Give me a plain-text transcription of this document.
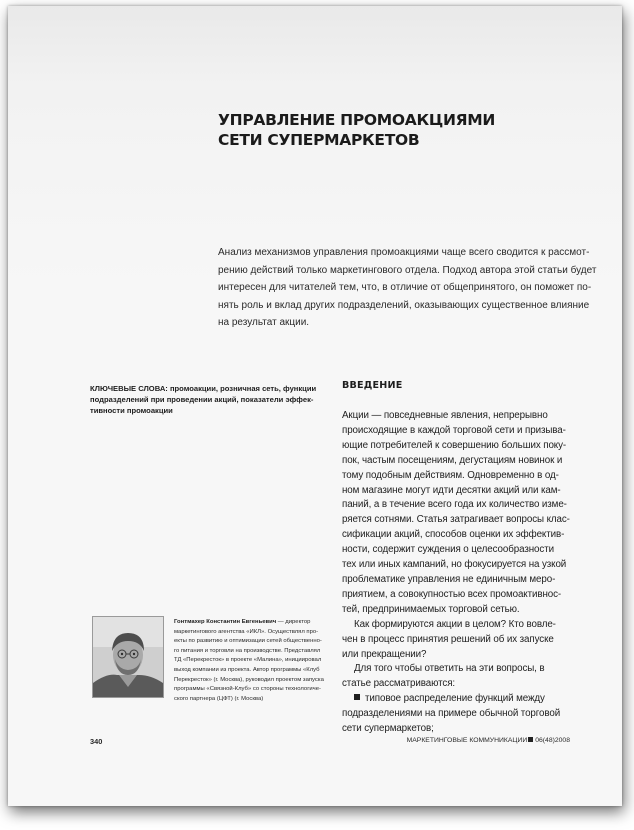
УПРАВЛЕНИЕ ПРОМОАКЦИЯМИ
СЕТИ СУПЕРМАРКЕТОВ
Анализ механизмов управления промоакциями чаще всего сводится к рассмот-
рению действий только маркетингового отдела. Подход автора этой статьи будет
интересен для читателей тем, что, в отличие от общепринятого, он поможет по-
нять роль и вклад других подразделений, оказывающих существенное влияние
на результат акции.
КЛЮЧЕВЫЕ СЛОВА: промоакции, розничная сеть, функции
подразделений при проведении акций, показатели эффек-
тивности промоакции
ВВЕДЕНИЕ
Акции — повседневные явления, непрерывно
происходящие в каждой торговой сети и призыва-
ющие потребителей к совершению больших поку-
пок, частым посещениям, дегустациям новинок и
тому подобным действиям. Одновременно в од-
ном магазине могут идти десятки акций или кам-
паний, а в течение всего года их количество изме-
ряется сотнями. Статья затрагивает вопросы клас-
сификации акций, способов оценки их эффектив-
ности, содержит суждения о целесообразности
тех или иных кампаний, но фокусируется на узкой
проблематике управления не единичным меро-
приятием, а совокупностью всех промоактивнос-
тей, предпринимаемых торговой сетью.
Как формируются акции в целом? Кто вовле-
чен в процесс принятия решений об их запуске
или прекращении?
Для того чтобы ответить на эти вопросы, в
статье рассматриваются:
типовое распределение функций между
подразделениями на примере обычной торговой
сети супермаркетов;
Гонтмахер Константин Евгеньевич — директор
маркетингового агентства «ИКЛ». Осуществлял про-
екты по развитию и оптимизации сетей общественно-
го питания и торговли на производстве. Представлял
ТД «Перекресток» в проекте «Малина», инициировал
выход компании из проекта. Автор программы «Клуб
Перекресток» (г. Москва), руководил проектом запуска
программы «Связной-Клуб» со стороны технологиче-
ского партнера (ЦФТ) (г. Москва)
340	МАРКЕТИНГОВЫЕ КОММУНИКАЦИИ 06(48)2008
